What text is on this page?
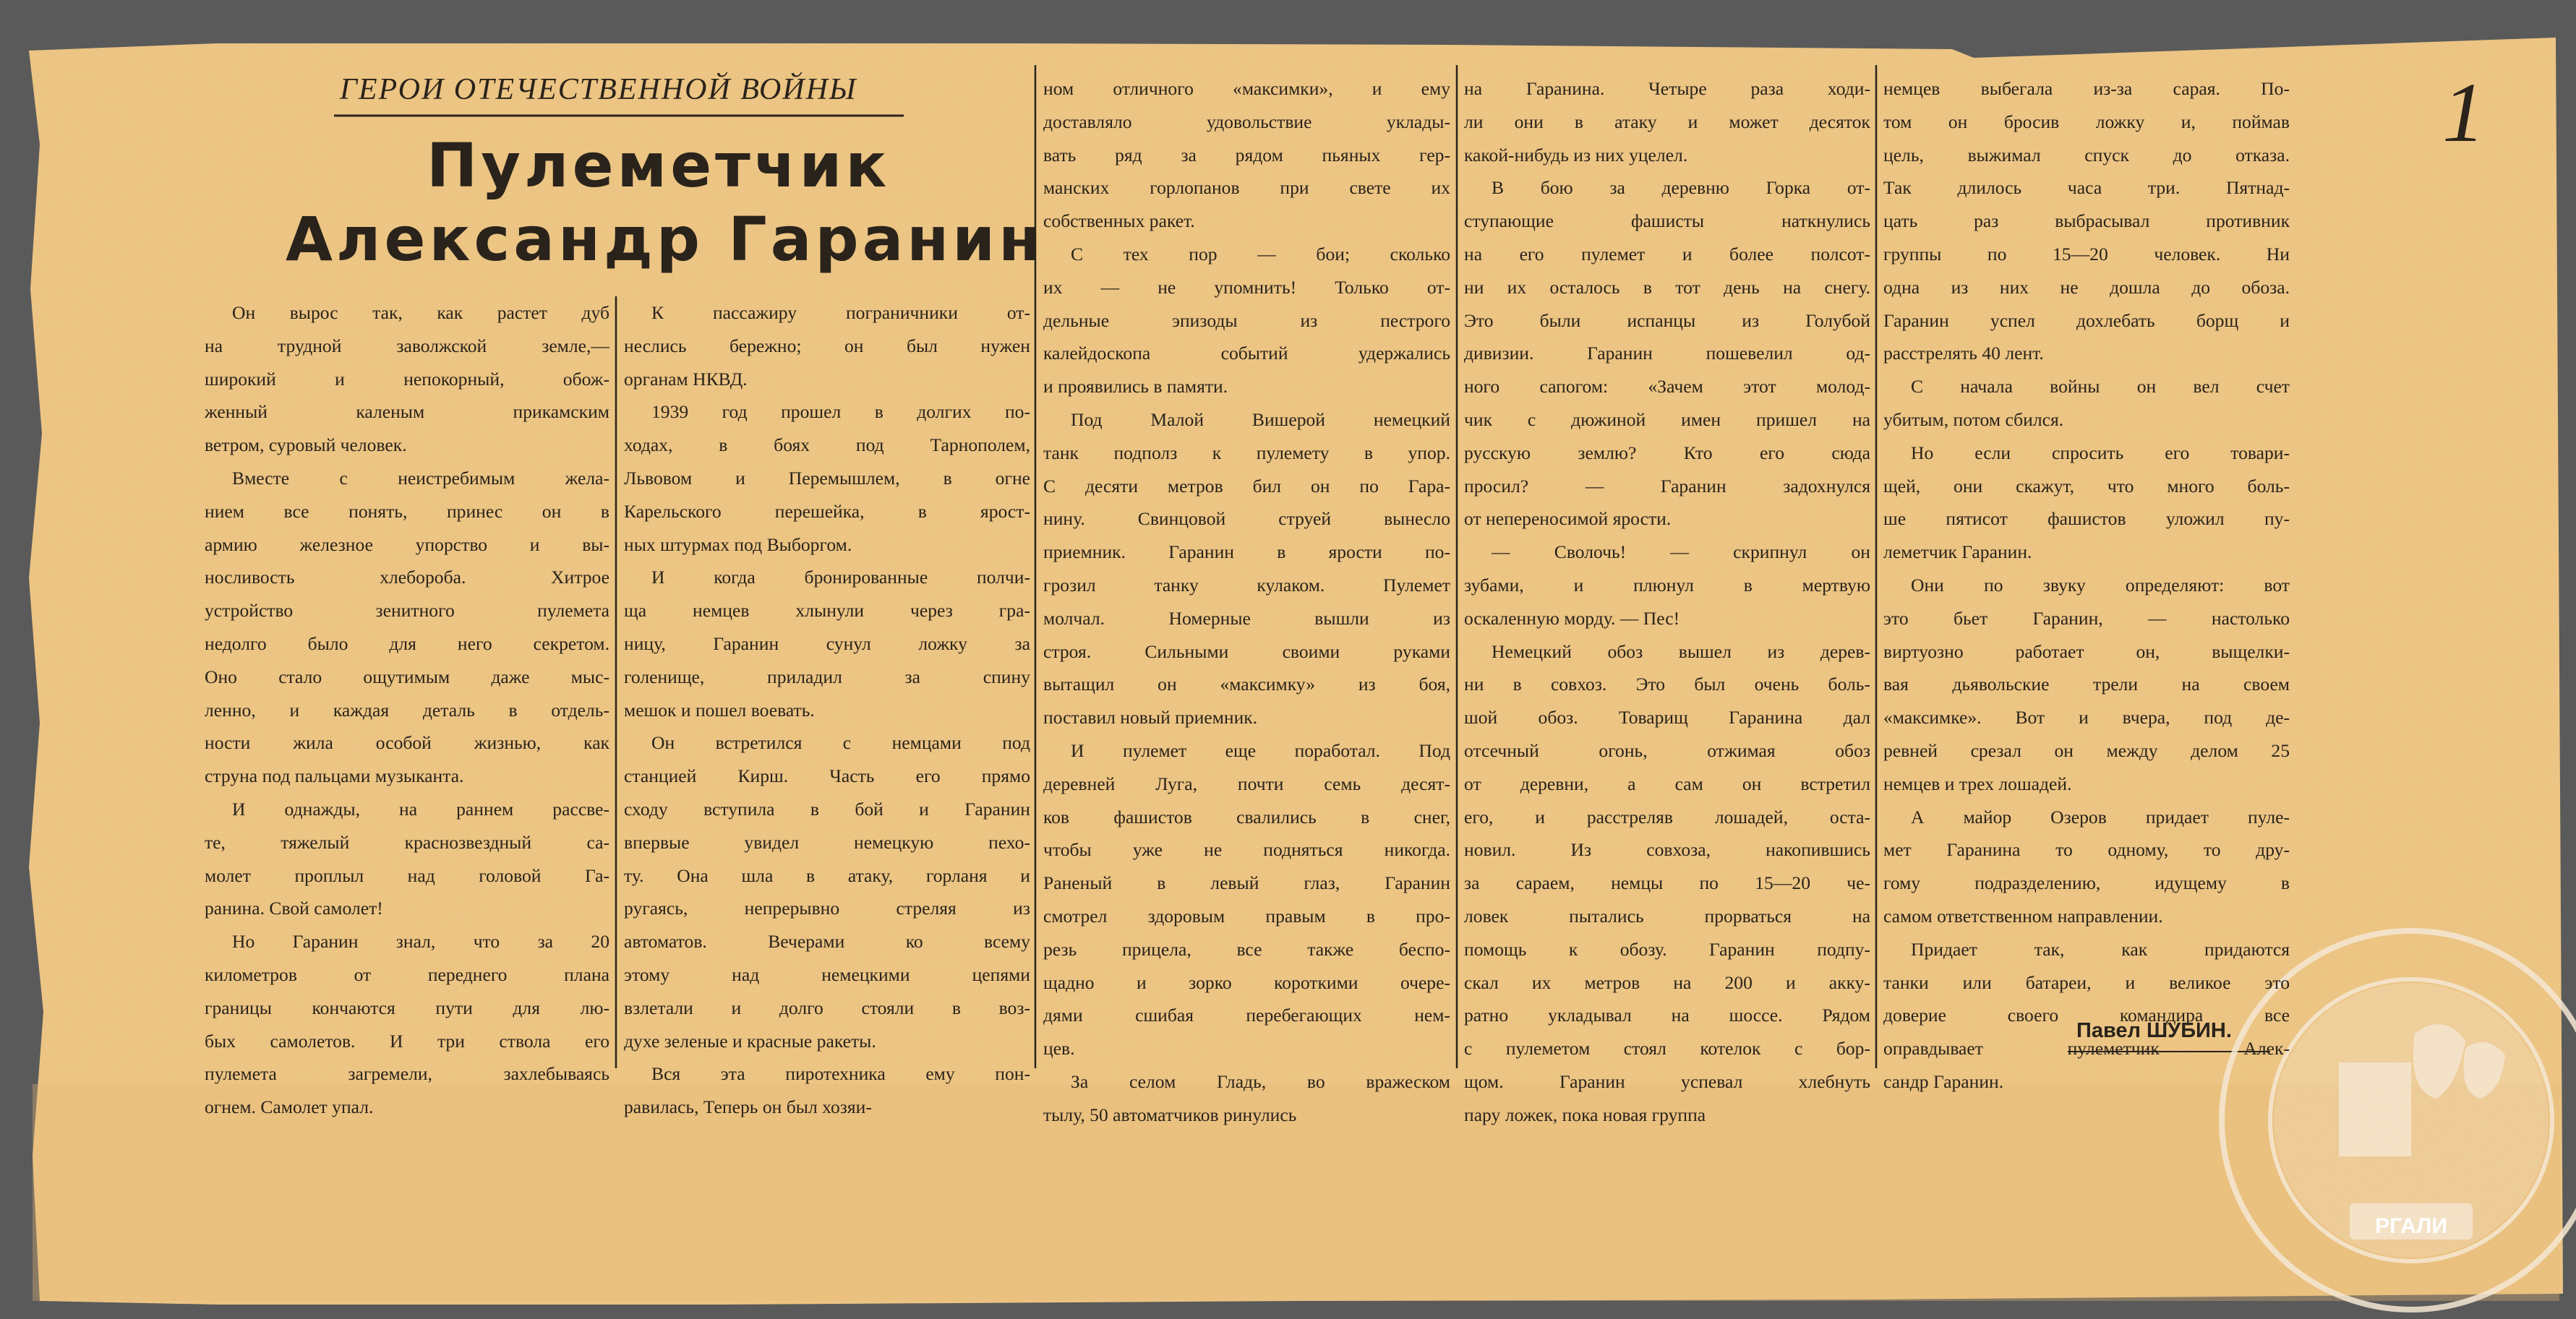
ГЕРОИ ОТЕЧЕСТВЕННОЙ ВОЙНЫ
Пулеметчик
Александр Гаранин
1
Павел ШУБИН.
РГАЛИ
Он вырос так, как растет дуб
на трудной заволжской земле,—
широкий и непокорный, обож-
женный каленым прикамским
ветром, суровый человек.
Вместе с неистребимым жела-
нием все понять, принес он в
армию железное упорство и вы-
носливость хлебороба. Хитрое
устройство зенитного пулемета
недолго было для него секретом.
Оно стало ощутимым даже мыс-
ленно, и каждая деталь в отдель-
ности жила особой жизнью, как
струна под пальцами музыканта.
И однажды, на раннем рассве-
те, тяжелый краснозвездный са-
молет проплыл над головой Га-
ранина. Свой самолет!
Но Гаранин знал, что за 20
километров от переднего плана
границы кончаются пути для лю-
бых самолетов. И три ствола его
пулемета загремели, захлебываясь
огнем. Самолет упал.
К пассажиру пограничники от-
неслись бережно; он был нужен
органам НКВД.
1939 год прошел в долгих по-
ходах, в боях под Тарнополем,
Львовом и Перемышлем, в огне
Карельского перешейка, в ярост-
ных штурмах под Выборгом.
И когда бронированные полчи-
ща немцев хлынули через гра-
ницу, Гаранин сунул ложку за
голенище, приладил за спину
мешок и пошел воевать.
Он встретился с немцами под
станцией Кирш. Часть его прямо
сходу вступила в бой и Гаранин
впервые увидел немецкую пехо-
ту. Она шла в атаку, горланя и
ругаясь, непрерывно стреляя из
автоматов. Вечерами ко всему
этому над немецкими цепями
взлетали и долго стояли в воз-
духе зеленые и красные ракеты.
Вся эта пиротехника ему пон-
равилась, Теперь он был хозяи-
ном отличного «максимки», и ему
доставляло удовольствие уклады-
вать ряд за рядом пьяных гер-
манских горлопанов при свете их
собственных ракет.
С тех пор — бои; сколько
их — не упомнить! Только от-
дельные эпизоды из пестрого
калейдоскопа событий удержались
и проявились в памяти.
Под Малой Вишерой немецкий
танк подполз к пулемету в упор.
С десяти метров бил он по Гара-
нину. Свинцовой струей вынесло
приемник. Гаранин в ярости по-
грозил танку кулаком. Пулемет
молчал. Номерные вышли из
строя. Сильными своими руками
вытащил он «максимку» из боя,
поставил новый приемник.
И пулемет еще поработал. Под
деревней Луга, почти семь десят-
ков фашистов свалились в снег,
чтобы уже не подняться никогда.
Раненый в левый глаз, Гаранин
смотрел здоровым правым в про-
резь прицела, все также беспо-
щадно и зорко короткими очере-
дями сшибая перебегающих нем-
цев.
За селом Гладь, во вражеском
тылу, 50 автоматчиков ринулись
на Гаранина. Четыре раза ходи-
ли они в атаку и может десяток
какой-нибудь из них уцелел.
В бою за деревню Горка от-
ступающие фашисты наткнулись
на его пулемет и более полсот-
ни их осталось в тот день на снегу.
Это были испанцы из Голубой
дивизии. Гаранин пошевелил од-
ного сапогом: «Зачем этот молод-
чик с дюжиной имен пришел на
русскую землю? Кто его сюда
просил? — Гаранин задохнулся
от непереносимой ярости.
— Сволочь! — скрипнул он
зубами, и плюнул в мертвую
оскаленную морду. — Пес!
Немецкий обоз вышел из дерев-
ни в совхоз. Это был очень боль-
шой обоз. Товарищ Гаранина дал
отсечный огонь, отжимая обоз
от деревни, а сам он встретил
его, и расстреляв лошадей, оста-
новил. Из совхоза, накопившись
за сараем, немцы по 15—20 че-
ловек пытались прорваться на
помощь к обозу. Гаранин подпу-
скал их метров на 200 и акку-
ратно укладывал на шоссе. Рядом
с пулеметом стоял котелок с бор-
щом. Гаранин успевал хлебнуть
пару ложек, пока новая группа
немцев выбегала из-за сарая. По-
том он бросив ложку и, поймав
цель, выжимал спуск до отказа.
Так длилось часа три. Пятнад-
цать раз выбрасывал противник
группы по 15—20 человек. Ни
одна из них не дошла до обоза.
Гаранин успел дохлебать борщ и
расстрелять 40 лент.
С начала войны он вел счет
убитым, потом сбился.
Но если спросить его товари-
щей, они скажут, что много боль-
ше пятисот фашистов уложил пу-
леметчик Гаранин.
Они по звуку определяют: вот
это бьет Гаранин, — настолько
виртуозно работает он, выщелки-
вая дьявольские трели на своем
«максимке». Вот и вчера, под де-
ревней срезал он между делом 25
немцев и трех лошадей.
А майор Озеров придает пуле-
мет Гаранина то одному, то дру-
гому подразделению, идущему в
самом ответственном направлении.
Придает так, как придаются
танки или батареи, и великое это
доверие своего командира все
оправдывает пулеметчик Алек-
сандр Гаранин.
